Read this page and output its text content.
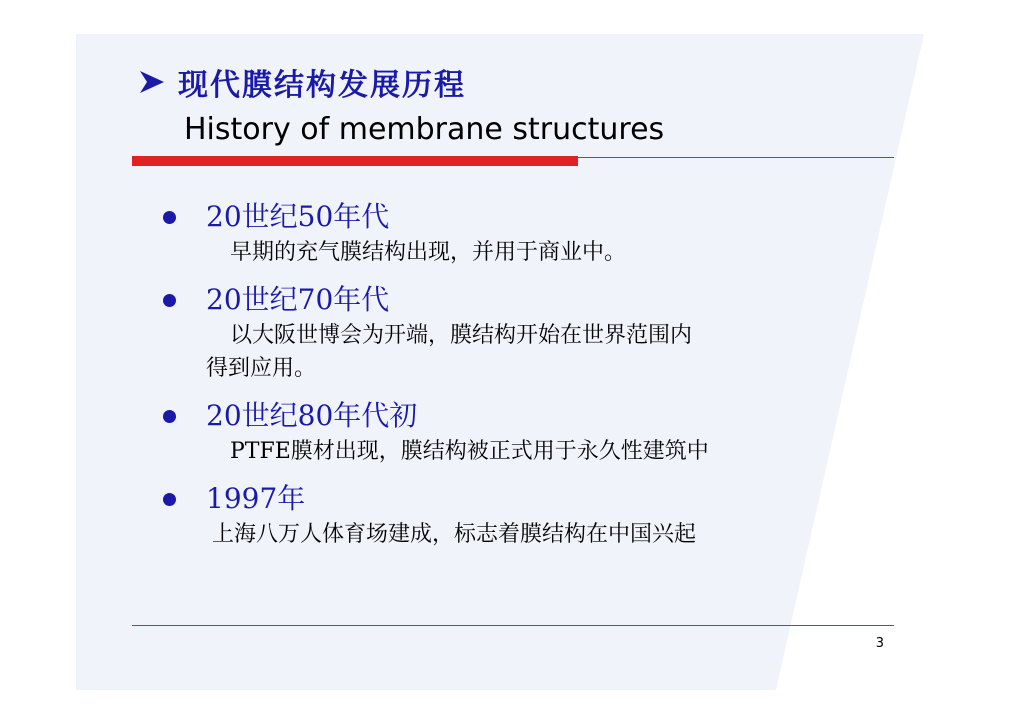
现代膜结构发展历程
History of membrane structures
20世纪50年代
早期的充气膜结构出现，并用于商业中。
20世纪70年代
以大阪世博会为开端，膜结构开始在世界范围内
得到应用。
20世纪80年代初
PTFE膜材出现，膜结构被正式用于永久性建筑中
1997年
上海八万人体育场建成，标志着膜结构在中国兴起
3
